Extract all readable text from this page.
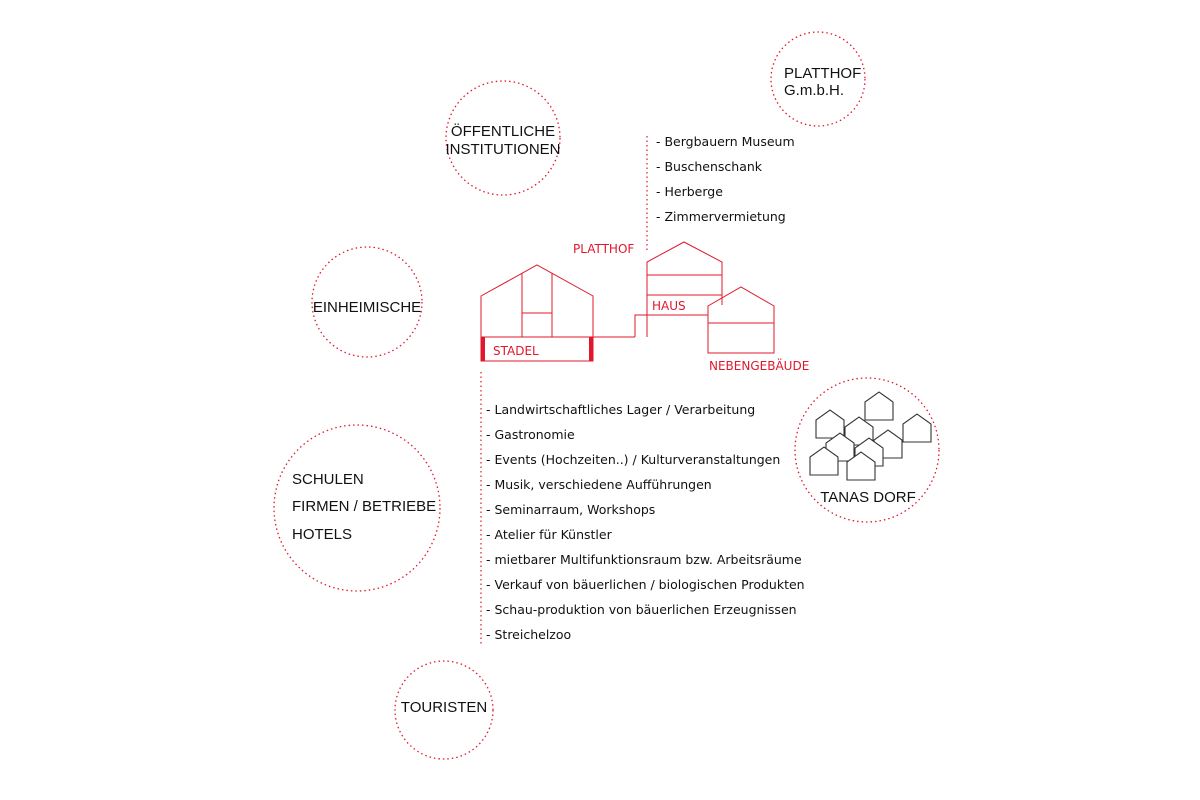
PLATTHOF
G.m.b.H.
ÖFFENTLICHE
INSTITUTIONEN
EINHEIMISCHE
SCHULEN
FIRMEN / BETRIEBE
HOTELS
TOURISTEN
TANAS DORF
- Bergbauern Museum
- Buschenschank
- Herberge
- Zimmervermietung
PLATTHOF
HAUS
STADEL
NEBENGEBÄUDE
- Landwirtschaftliches Lager / Verarbeitung
- Gastronomie
- Events (Hochzeiten..) / Kulturveranstaltungen
- Musik, verschiedene Aufführungen
- Seminarraum, Workshops
- Atelier für Künstler
- mietbarer Multifunktionsraum bzw. Arbeitsräume
- Verkauf von bäuerlichen / biologischen Produkten
- Schau-produktion von bäuerlichen Erzeugnissen
- Streichelzoo
